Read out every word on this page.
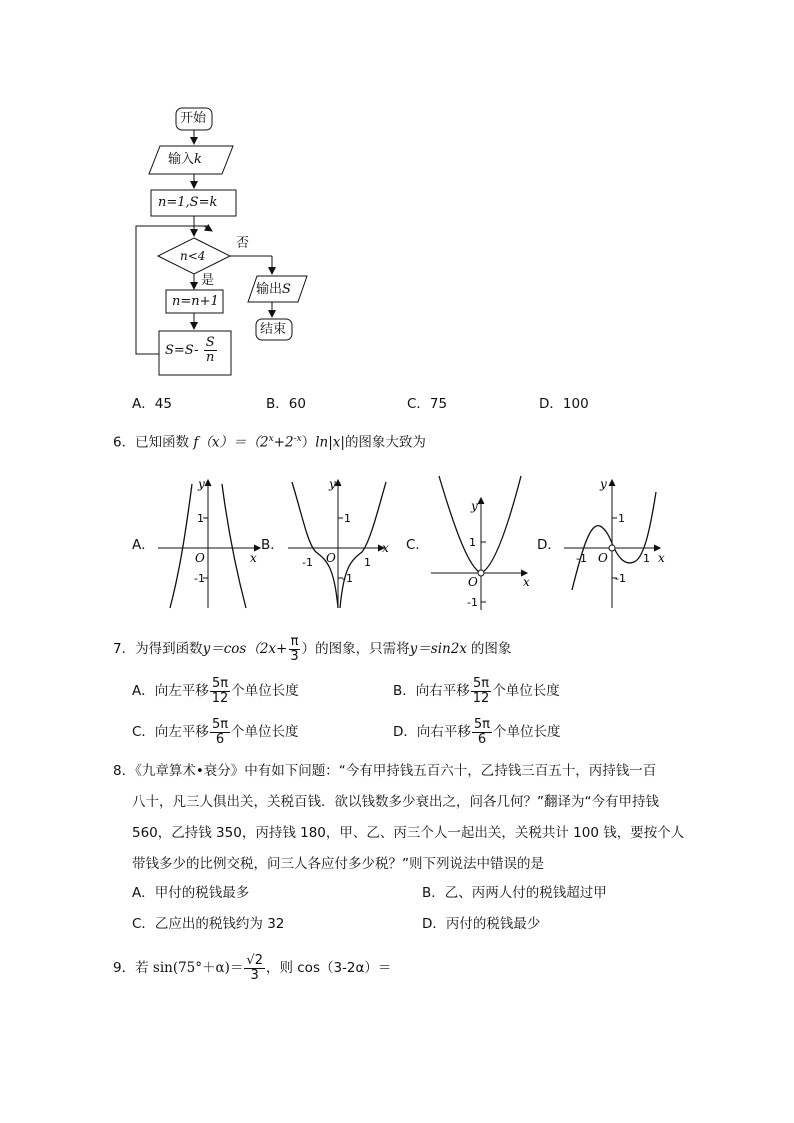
开始
输入k
n=1,S=k
n<4
否
是
n=n+1
$S=S- \frac{S}{n}$
输出S
结束
A．45	B．60	C．75	D．100
6．已知函数 $f(x)=(2^x+2^{-x})\ln|x|$的图象大致为
A．	B．	C．	D．
y
1
-1
O	x
y
1
-1
O
-1	1
x
y
1
-1
O	x
y
1
-1
O
-1	1 x
7． 为得到函数 $y=\cos(2x+ \frac{\pi}{3}$ ）的图象，只需将 y＝sin2x 的图象
A．向左平移 $\frac{5\pi}{12}$ 个单位长度	B．向右平移 $\frac{5\pi}{12}$ 个单位长度
C．向左平移 $\frac{5\pi}{6}$ 个单位长度	D．向右平移 $\frac{5\pi}{6}$ 个单位长度
8．《九章算术•衰分》中有如下问题：“今有甲持钱五百六十，乙持钱三百五十，丙持钱一百
八十，凡三人俱出关，关税百钱．欲以钱数多少衰出之，问各几何？”翻译为“今有甲持钱
560，乙持钱 350，丙持钱 180，甲、乙、丙三个人一起出关，关税共计 100 钱，要按个人
带钱多少的比例交税，问三人各应付多少税？”则下列说法中错误的是
A．甲付的税钱最多	B．乙、丙两人付的税钱超过甲
C．乙应出的税钱约为 32	D．丙付的税钱最少
9． 若 $\sin(75^\circ+\alpha)= \frac{√2}{3}$ ，则 cos（3-2α）＝
